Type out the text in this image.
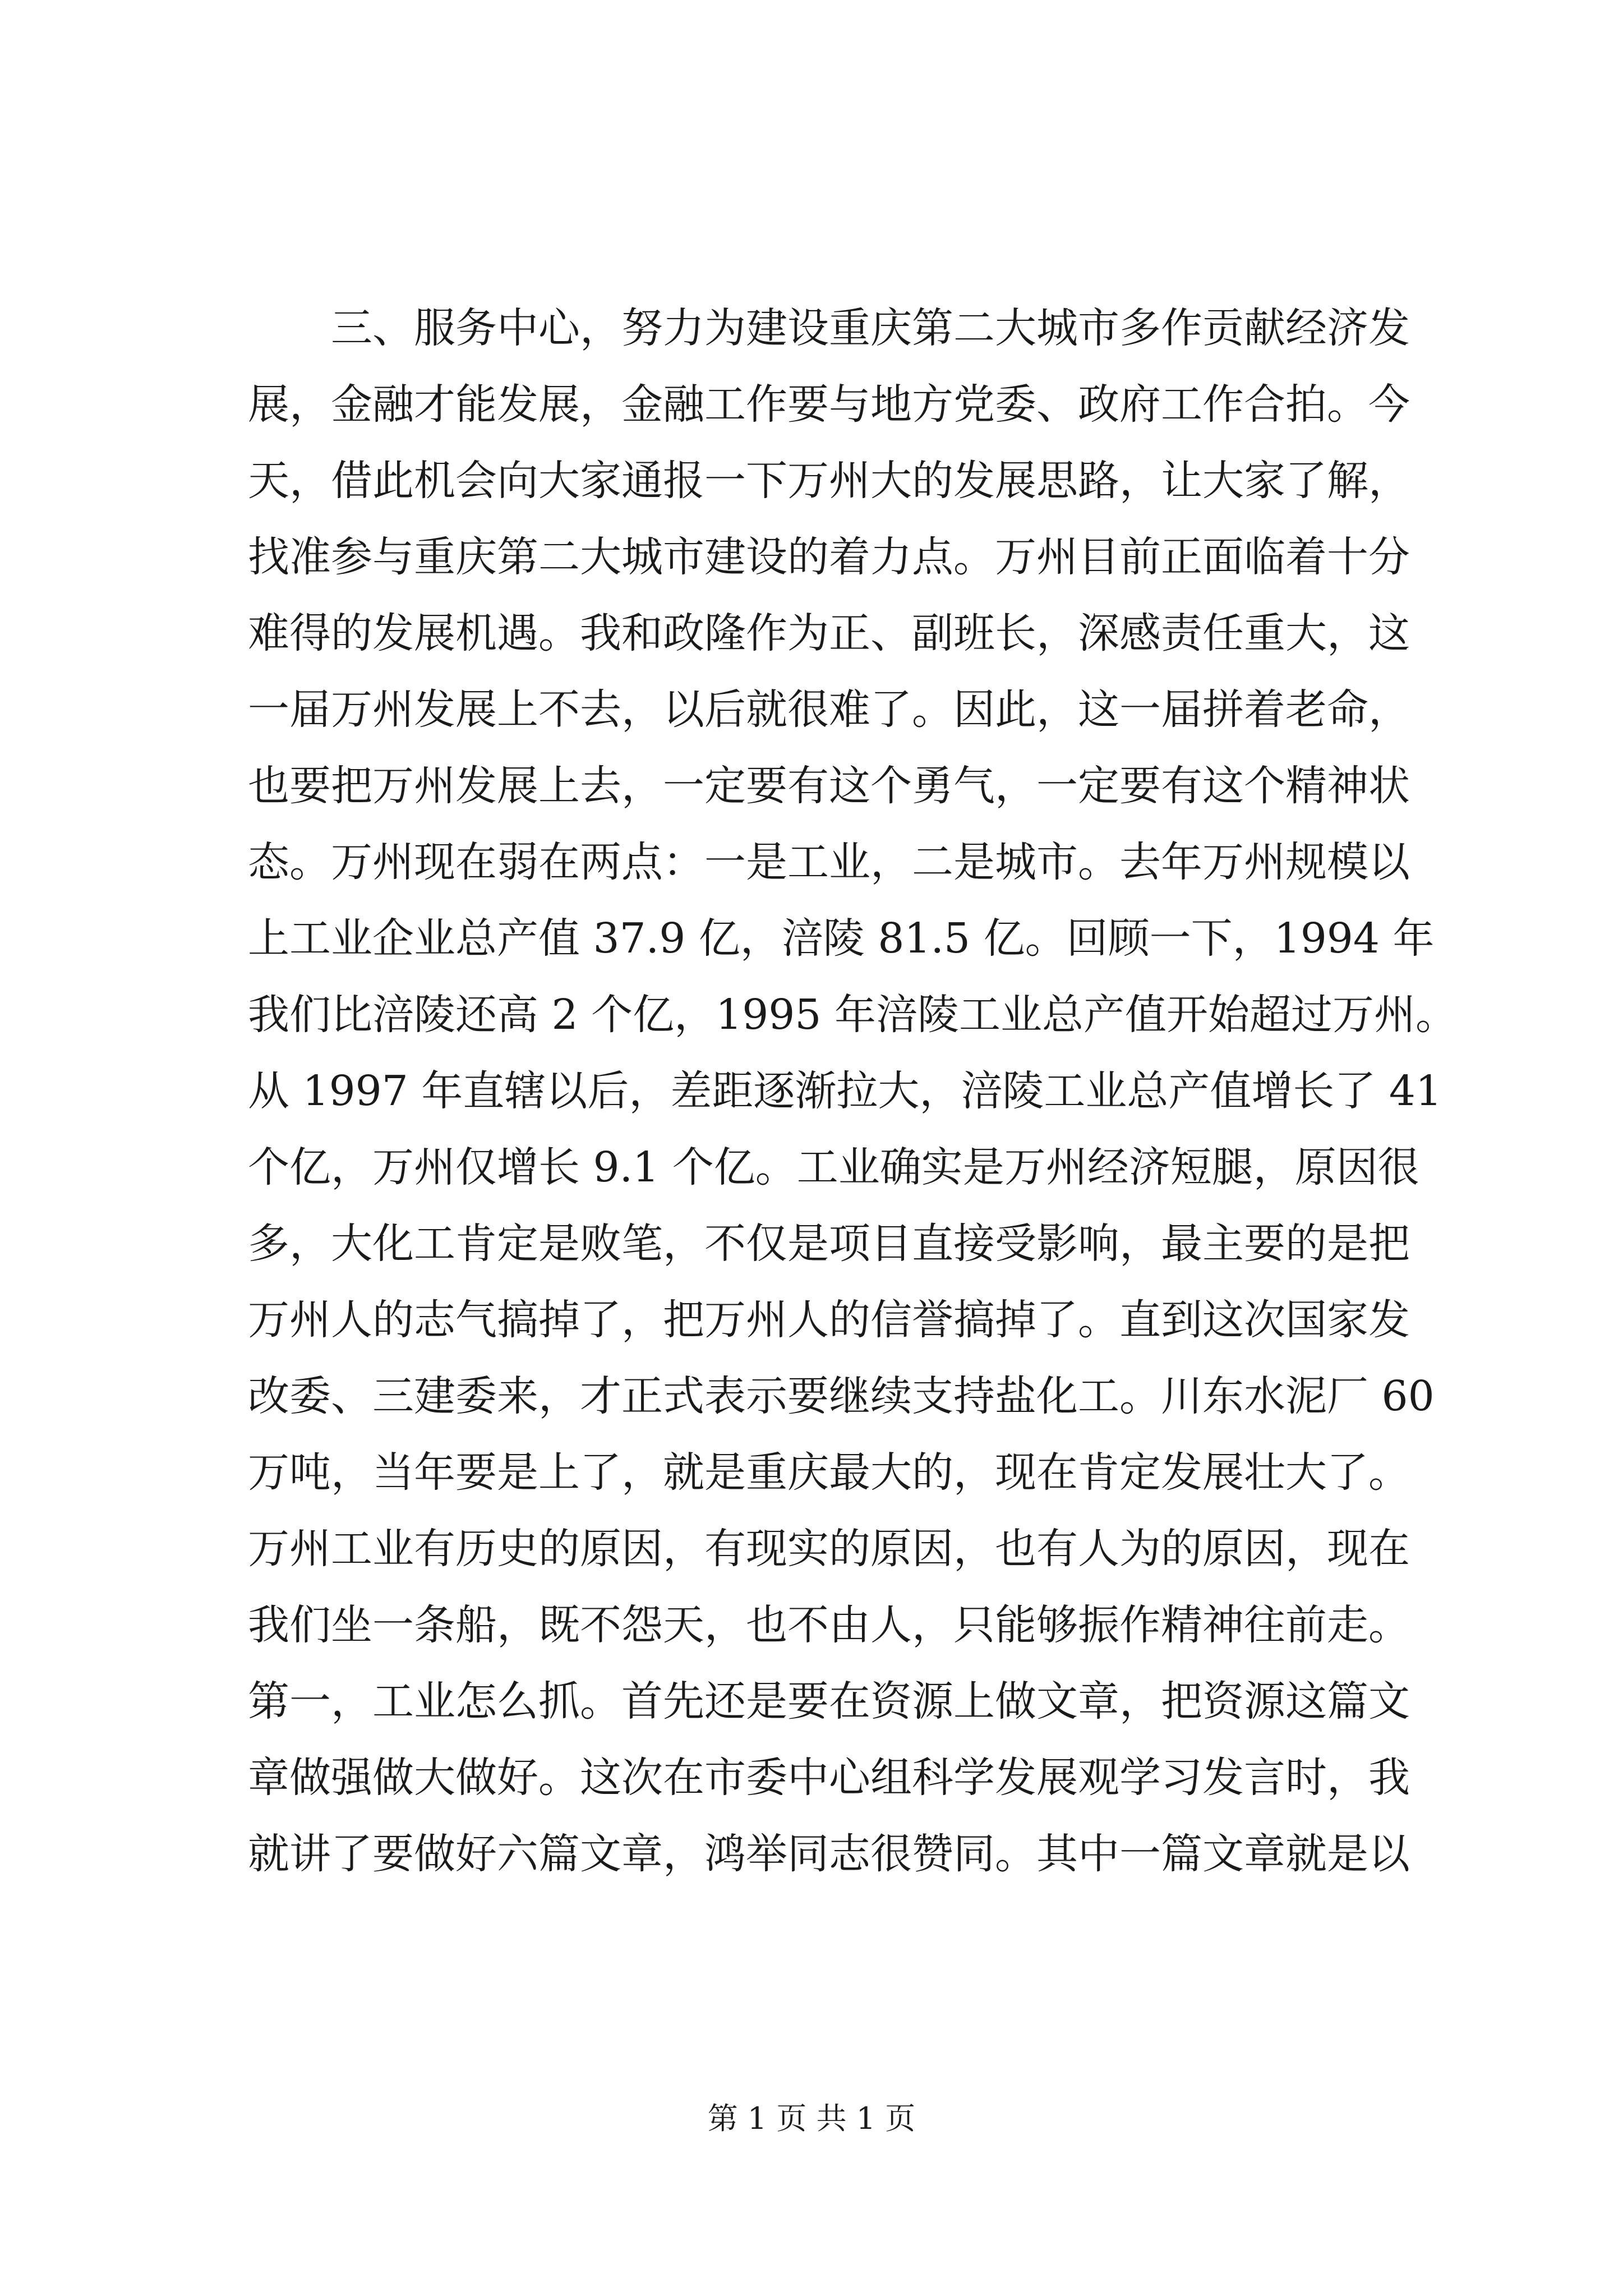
　　三、服务中心，努力为建设重庆第二大城市多作贡献经济发
展，金融才能发展，金融工作要与地方党委、政府工作合拍。今
天，借此机会向大家通报一下万州大的发展思路，让大家了解，
找准参与重庆第二大城市建设的着力点。万州目前正面临着十分
难得的发展机遇。我和政隆作为正、副班长，深感责任重大，这
一届万州发展上不去，以后就很难了。因此，这一届拼着老命，
也要把万州发展上去，一定要有这个勇气，一定要有这个精神状
态。万州现在弱在两点：一是工业，二是城市。去年万州规模以
上工业企业总产值 37.9 亿，涪陵 81.5 亿。回顾一下，1994 年
我们比涪陵还高 2 个亿，1995 年涪陵工业总产值开始超过万州。
从 1997 年直辖以后，差距逐渐拉大，涪陵工业总产值增长了 41
个亿，万州仅增长 9.1 个亿。工业确实是万州经济短腿，原因很
多，大化工肯定是败笔，不仅是项目直接受影响，最主要的是把
万州人的志气搞掉了，把万州人的信誉搞掉了。直到这次国家发
改委、三建委来，才正式表示要继续支持盐化工。川东水泥厂 60
万吨，当年要是上了，就是重庆最大的，现在肯定发展壮大了。
万州工业有历史的原因，有现实的原因，也有人为的原因，现在
我们坐一条船，既不怨天，也不由人，只能够振作精神往前走。
第一，工业怎么抓。首先还是要在资源上做文章，把资源这篇文
章做强做大做好。这次在市委中心组科学发展观学习发言时，我
就讲了要做好六篇文章，鸿举同志很赞同。其中一篇文章就是以
第 1 页 共 1 页
